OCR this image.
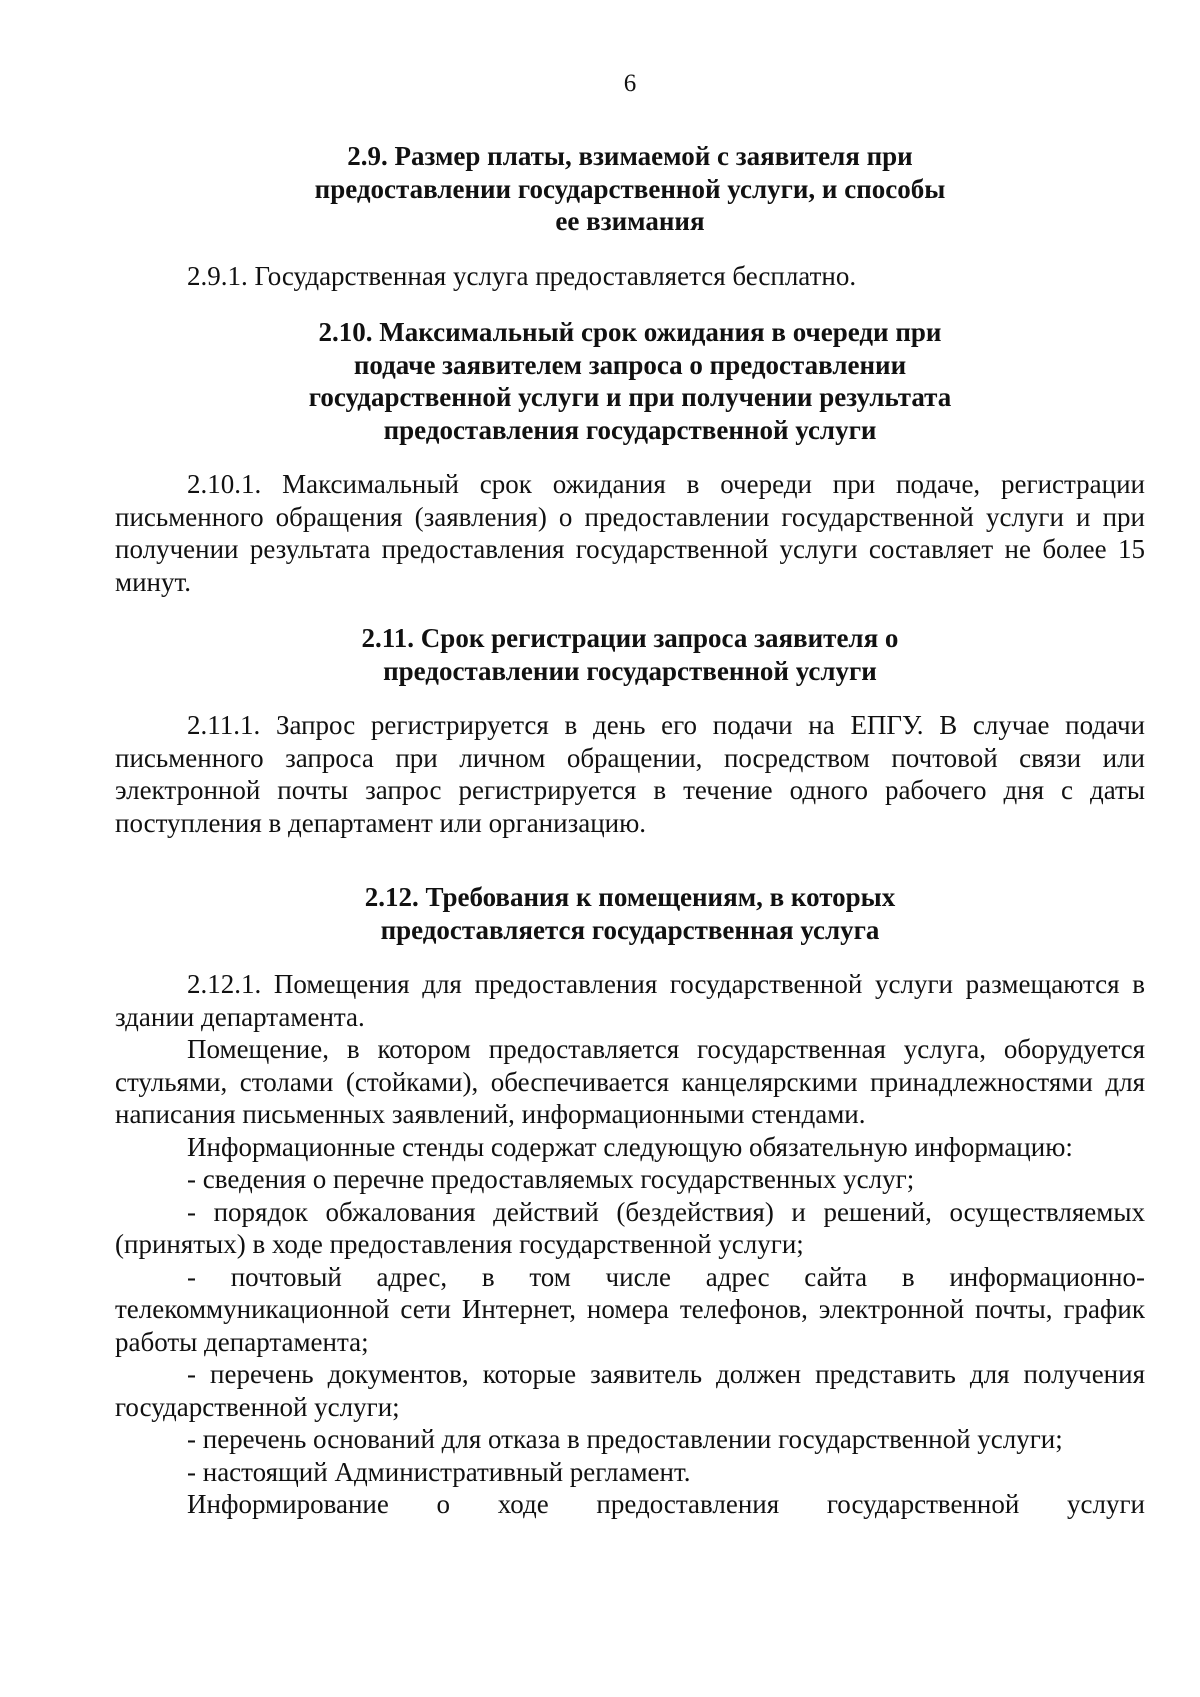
6
2.9. Размер платы, взимаемой с заявителя при
предоставлении государственной услуги, и способы
ее взимания

2.9.1. Государственная услуга предоставляется бесплатно.

2.10. Максимальный срок ожидания в очереди при
подаче заявителем запроса о предоставлении
государственной услуги и при получении результата
предоставления государственной услуги

2.10.1. Максимальный срок ожидания в очереди при подаче, регистрации письменного обращения (заявления) о предоставлении государственной услуги и при получении результата предоставления государственной услуги составляет не более 15 минут.

2.11. Срок регистрации запроса заявителя о
предоставлении государственной услуги

2.11.1. Запрос регистрируется в день его подачи на ЕПГУ. В случае подачи письменного запроса при личном обращении, посредством почтовой связи или электронной почты запрос регистрируется в течение одного рабочего дня с даты поступления в департамент или организацию.

2.12. Требования к помещениям, в которых
предоставляется государственная услуга

2.12.1. Помещения для предоставления государственной услуги размещаются в здании департамента.

Помещение, в котором предоставляется государственная услуга, оборудуется стульями, столами (стойками), обеспечивается канцелярскими принадлежностями для написания письменных заявлений, информационными стендами.

Информационные стенды содержат следующую обязательную информацию:

- сведения о перечне предоставляемых государственных услуг;

- порядок обжалования действий (бездействия) и решений, осуществляемых (принятых) в ходе предоставления государственной услуги;

- почтовый адрес, в том числе адрес сайта в информационно-телекоммуникационной сети Интернет, номера телефонов, электронной почты, график работы департамента;

- перечень документов, которые заявитель должен представить для получения государственной услуги;

- перечень оснований для отказа в предоставлении государственной услуги;

- настоящий Административный регламент.

Информирование о ходе предоставления государственной услуги
